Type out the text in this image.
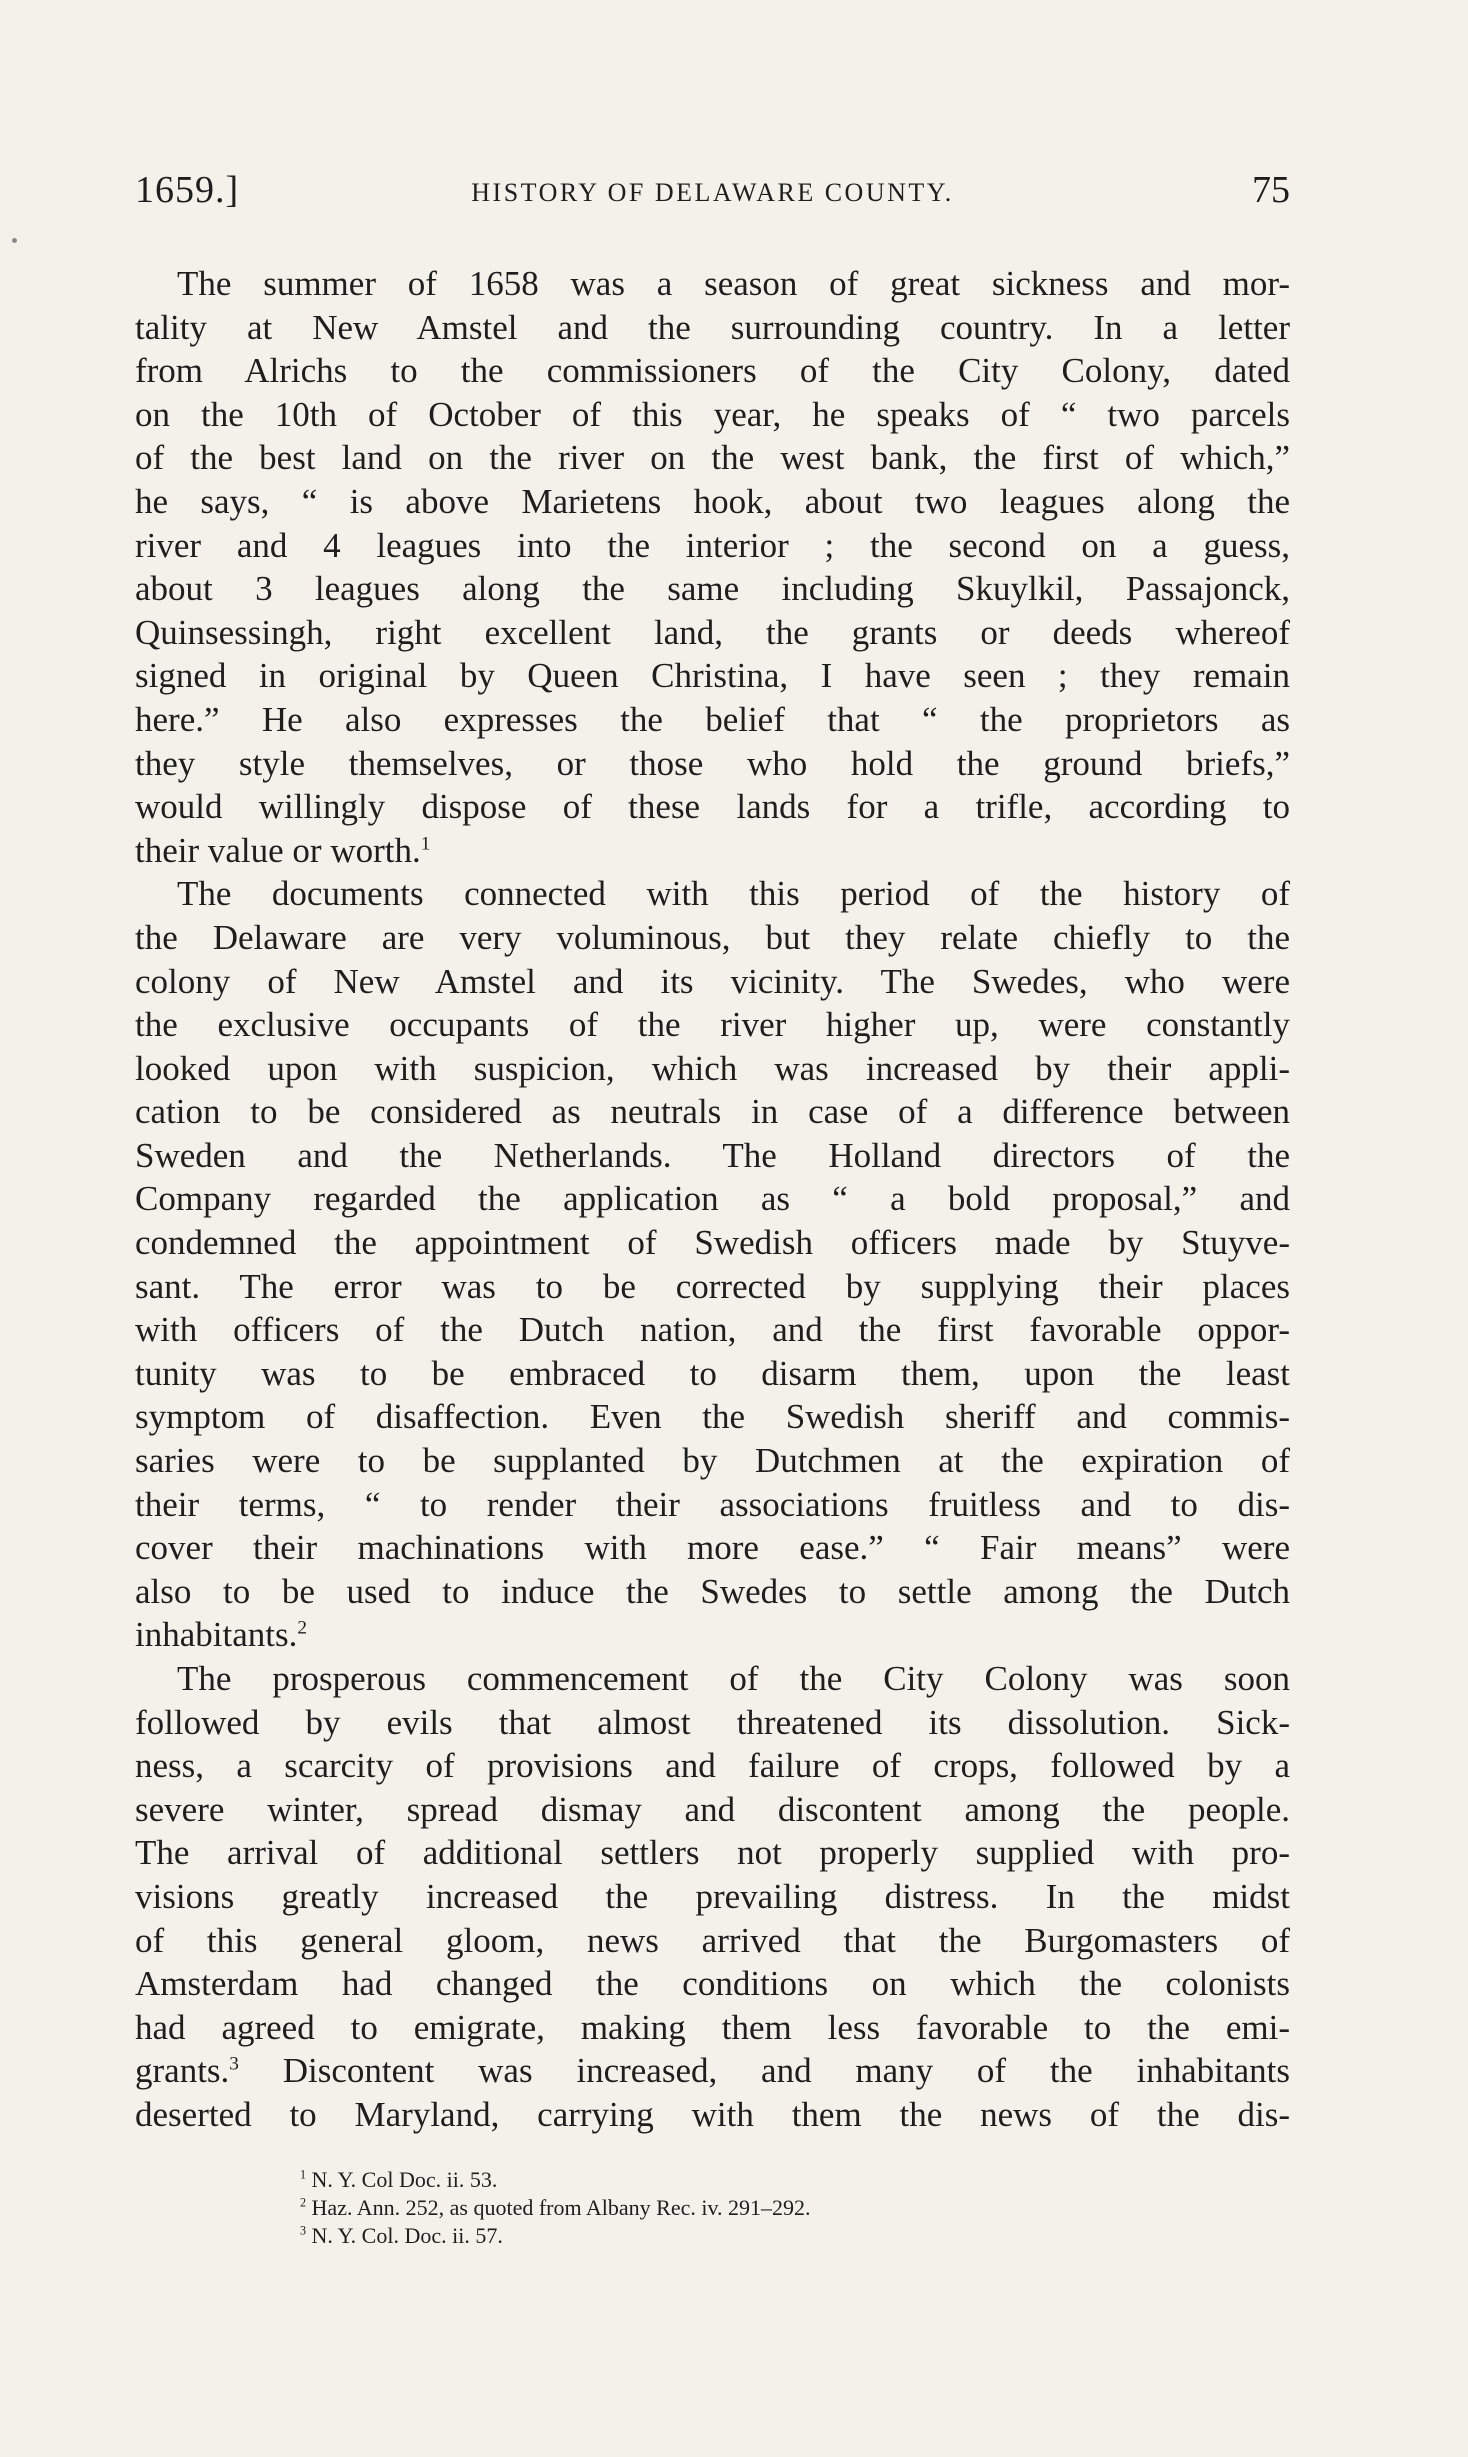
1659.]	HISTORY OF DELAWARE COUNTY.	75
The summer of 1658 was a season of great sickness and mor-
tality at New Amstel and the surrounding country. In a letter
from Alrichs to the commissioners of the City Colony, dated
on the 10th of October of this year, he speaks of “ two parcels
of the best land on the river on the west bank, the first of which,”
he says, “ is above Marietens hook, about two leagues along the
river and 4 leagues into the interior ; the second on a guess,
about 3 leagues along the same including Skuylkil, Passajonck,
Quinsessingh, right excellent land, the grants or deeds whereof
signed in original by Queen Christina, I have seen ; they remain
here.” He also expresses the belief that “ the proprietors as
they style themselves, or those who hold the ground briefs,”
would willingly dispose of these lands for a trifle, according to
their value or worth.$^1$
The documents connected with this period of the history of
the Delaware are very voluminous, but they relate chiefly to the
colony of New Amstel and its vicinity. The Swedes, who were
the exclusive occupants of the river higher up, were constantly
looked upon with suspicion, which was increased by their appli-
cation to be considered as neutrals in case of a difference between
Sweden and the Netherlands. The Holland directors of the
Company regarded the application as “ a bold proposal,” and
condemned the appointment of Swedish officers made by Stuyve-
sant. The error was to be corrected by supplying their places
with officers of the Dutch nation, and the first favorable oppor-
tunity was to be embraced to disarm them, upon the least
symptom of disaffection. Even the Swedish sheriff and commis-
saries were to be supplanted by Dutchmen at the expiration of
their terms, “ to render their associations fruitless and to dis-
cover their machinations with more ease.” “ Fair means” were
also to be used to induce the Swedes to settle among the Dutch
inhabitants.$^2$
The prosperous commencement of the City Colony was soon
followed by evils that almost threatened its dissolution. Sick-
ness, a scarcity of provisions and failure of crops, followed by a
severe winter, spread dismay and discontent among the people.
The arrival of additional settlers not properly supplied with pro-
visions greatly increased the prevailing distress. In the midst
of this general gloom, news arrived that the Burgomasters of
Amsterdam had changed the conditions on which the colonists
had agreed to emigrate, making them less favorable to the emi-
grants.$^3$ Discontent was increased, and many of the inhabitants
deserted to Maryland, carrying with them the news of the dis-
$^1$ N. Y. Col Doc. ii. 53.
$^2$ Haz. Ann. 252, as quoted from Albany Rec. iv. 291–292.
$^3$ N. Y. Col. Doc. ii. 57.
